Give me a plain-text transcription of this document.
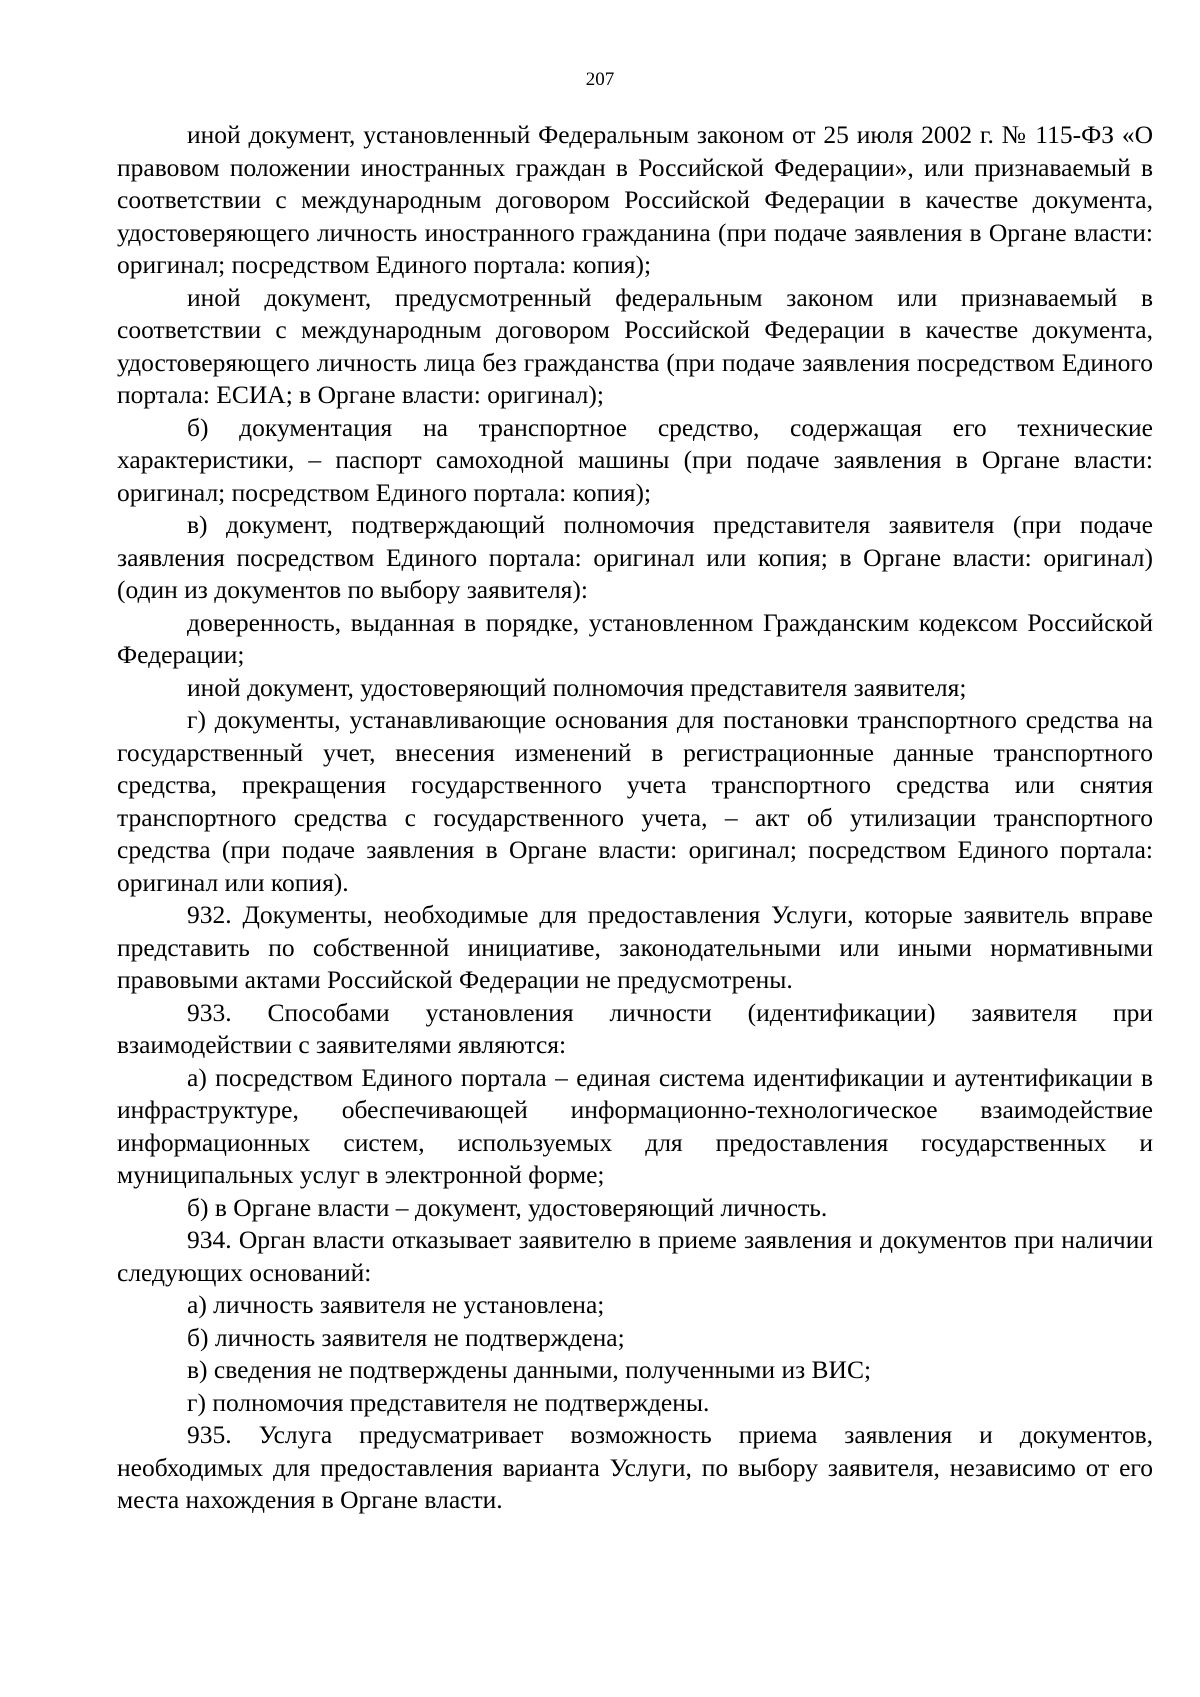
207

иной документ, установленный Федеральным законом от 25 июля 2002 г. № 115-ФЗ «О правовом положении иностранных граждан в Российской Федерации», или признаваемый в соответствии с международным договором Российской Федерации в качестве документа, удостоверяющего личность иностранного гражданина (при подаче заявления в Органе власти: оригинал; посредством Единого портала: копия);

иной документ, предусмотренный федеральным законом или признаваемый в соответствии с международным договором Российской Федерации в качестве документа, удостоверяющего личность лица без гражданства (при подаче заявления посредством Единого портала: ЕСИА; в Органе власти: оригинал);

б) документация на транспортное средство, содержащая его технические характеристики, – паспорт самоходной машины (при подаче заявления в Органе власти: оригинал; посредством Единого портала: копия);

в) документ, подтверждающий полномочия представителя заявителя (при подаче заявления посредством Единого портала: оригинал или копия; в Органе власти: оригинал) (один из документов по выбору заявителя):

доверенность, выданная в порядке, установленном Гражданским кодексом Российской Федерации;

иной документ, удостоверяющий полномочия представителя заявителя;

г) документы, устанавливающие основания для постановки транспортного средства на государственный учет, внесения изменений в регистрационные данные транспортного средства, прекращения государственного учета транспортного средства или снятия транспортного средства с государственного учета, – акт об утилизации транспортного средства (при подаче заявления в Органе власти: оригинал; посредством Единого портала: оригинал или копия).

932. Документы, необходимые для предоставления Услуги, которые заявитель вправе представить по собственной инициативе, законодательными или иными нормативными правовыми актами Российской Федерации не предусмотрены.

933. Способами установления личности (идентификации) заявителя при взаимодействии с заявителями являются:

а) посредством Единого портала – единая система идентификации и аутентификации в инфраструктуре, обеспечивающей информационно-технологическое взаимодействие информационных систем, используемых для предоставления государственных и муниципальных услуг в электронной форме;

б) в Органе власти – документ, удостоверяющий личность.

934. Орган власти отказывает заявителю в приеме заявления и документов при наличии следующих оснований:

а) личность заявителя не установлена;

б) личность заявителя не подтверждена;

в) сведения не подтверждены данными, полученными из ВИС;

г) полномочия представителя не подтверждены.

935. Услуга предусматривает возможность приема заявления и документов, необходимых для предоставления варианта Услуги, по выбору заявителя, независимо от его места нахождения в Органе власти.
